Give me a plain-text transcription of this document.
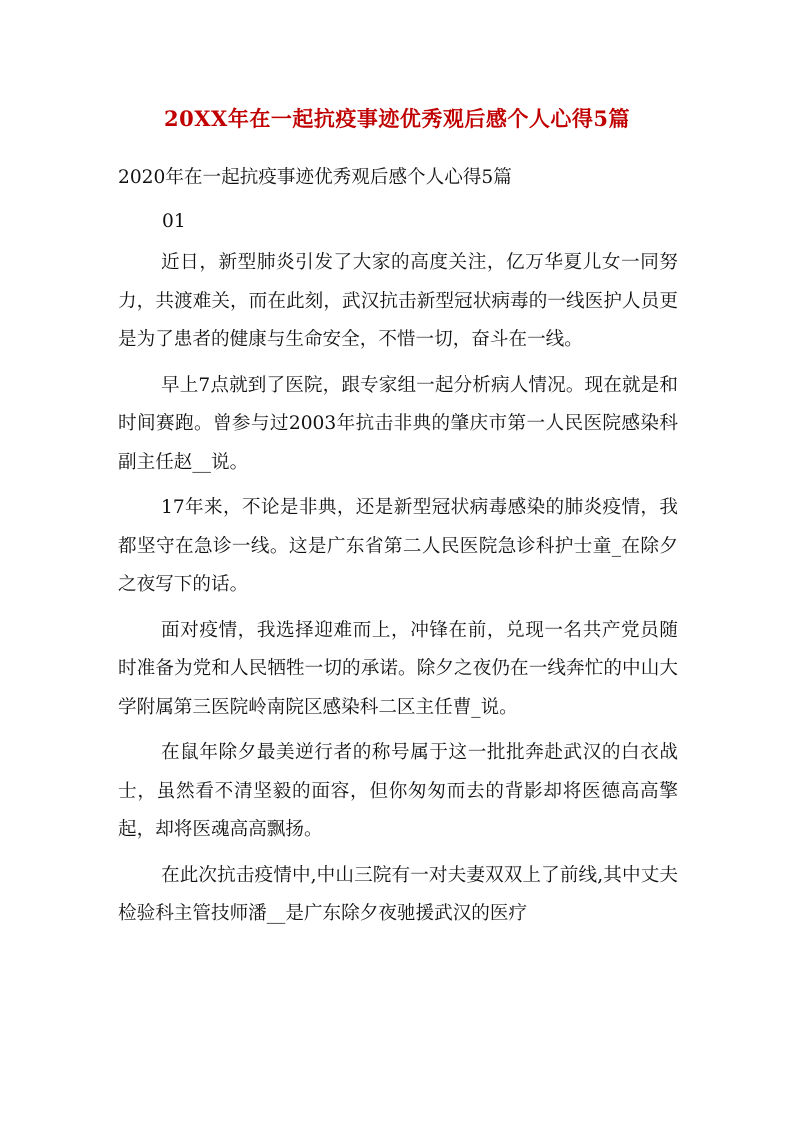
20XX年在一起抗疫事迹优秀观后感个人心得5篇
2020年在一起抗疫事迹优秀观后感个人心得5篇
01

近日，新型肺炎引发了大家的高度关注，亿万华夏儿女一同努力，共渡难关，而在此刻，武汉抗击新型冠状病毒的一线医护人员更是为了患者的健康与生命安全，不惜一切，奋斗在一线。

早上7点就到了医院，跟专家组一起分析病人情况。现在就是和时间赛跑。曾参与过2003年抗击非典的肇庆市第一人民医院感染科副主任赵__说。

17年来，不论是非典，还是新型冠状病毒感染的肺炎疫情，我都坚守在急诊一线。这是广东省第二人民医院急诊科护士童_在除夕之夜写下的话。

面对疫情，我选择迎难而上，冲锋在前，兑现一名共产党员随时准备为党和人民牺牲一切的承诺。除夕之夜仍在一线奔忙的中山大学附属第三医院岭南院区感染科二区主任曹_说。

在鼠年除夕最美逆行者的称号属于这一批批奔赴武汉的白衣战士，虽然看不清坚毅的面容，但你匆匆而去的背影却将医德高高擎起，却将医魂高高飘扬。

在此次抗击疫情中,中山三院有一对夫妻双双上了前线,其中丈夫检验科主管技师潘__是广东除夕夜驰援武汉的医疗
